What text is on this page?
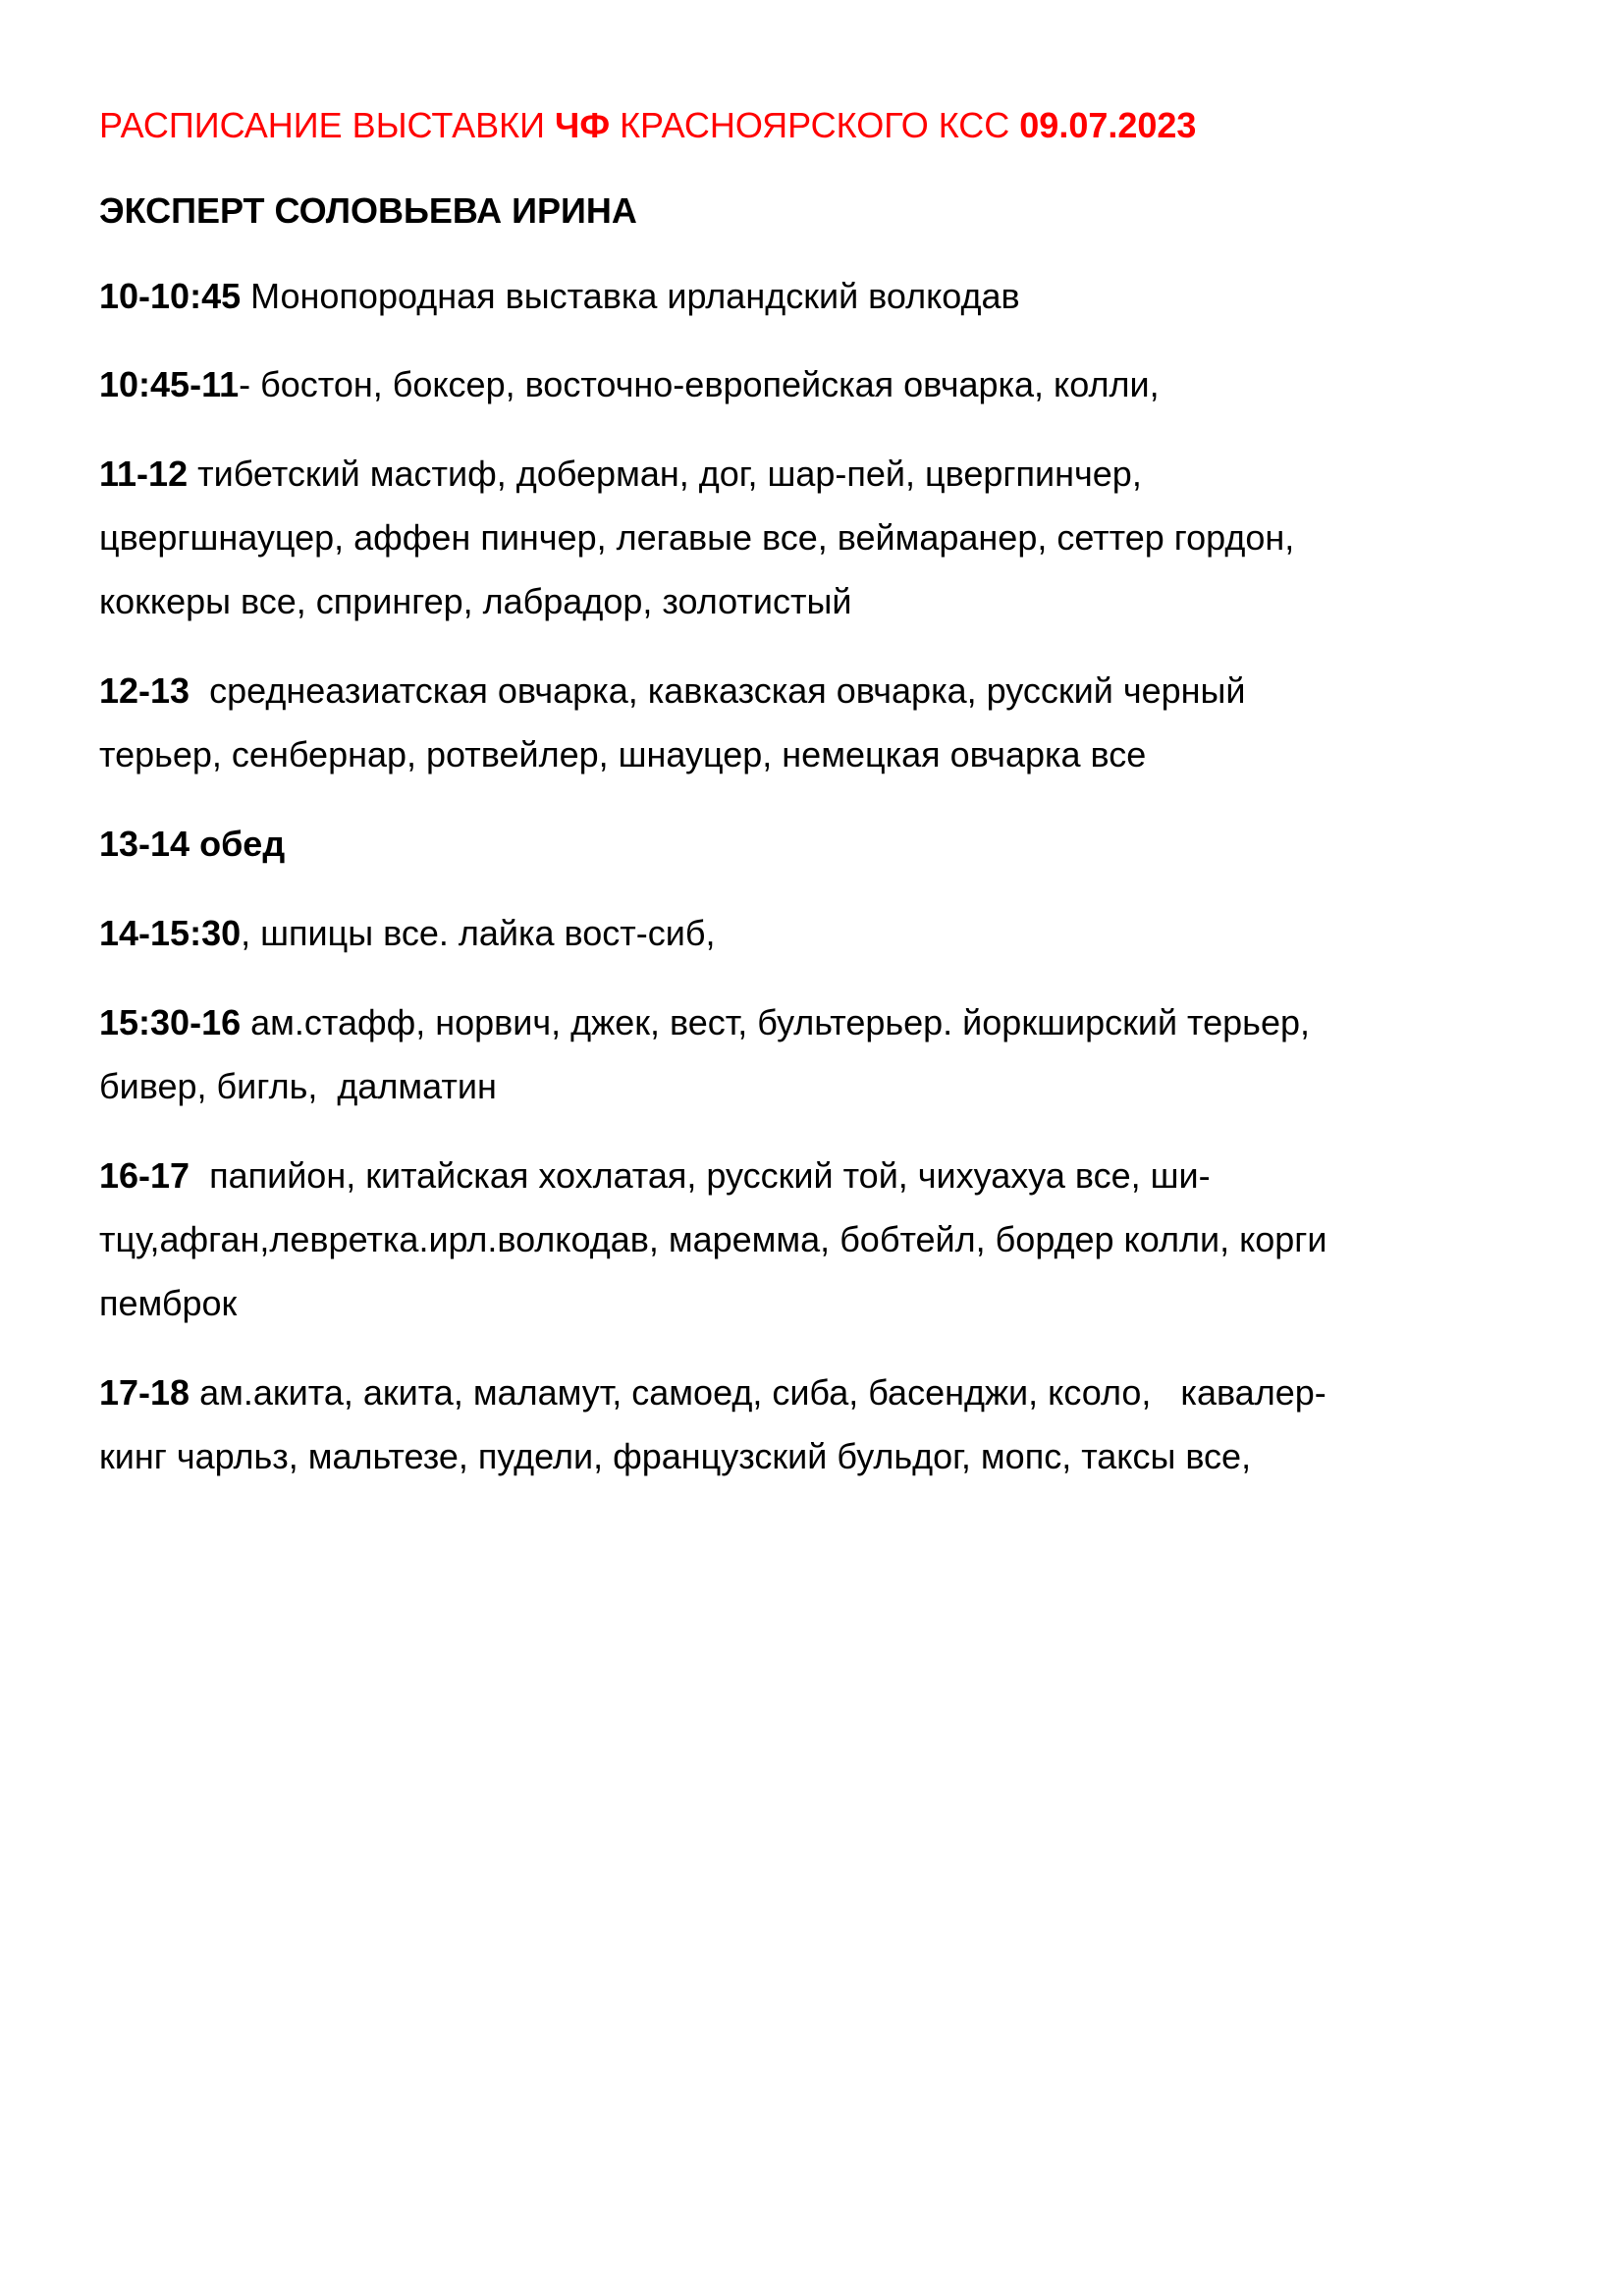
РАСПИСАНИЕ ВЫСТАВКИ ЧФ КРАСНОЯРСКОГО КСС 09.07.2023
ЭКСПЕРТ СОЛОВЬЕВА ИРИНА

10-10:45 Монопородная выставка ирландский волкодав

10:45-11- бостон, боксер, восточно-европейская овчарка, колли,

11-12 тибетский мастиф, доберман, дог, шар-пей, цвергпинчер,
цвергшнауцер, аффен пинчер, легавые все, веймаранер, сеттер гордон,
коккеры все, спрингер, лабрадор, золотистый

12-13  среднеазиатская овчарка, кавказская овчарка, русский черный
терьер, сенбернар, ротвейлер, шнауцер, немецкая овчарка все

13-14 обед

14-15:30, шпицы все. лайка вост-сиб,

15:30-16 ам.стафф, норвич, джек, вест, бультерьер. йоркширский терьер,
бивер, бигль,  далматин

16-17  папийон, китайская хохлатая, русский той, чихуахуа все, ши-
тцу,афган,левретка.ирл.волкодав, маремма, бобтейл, бордер колли, корги
пемброк

17-18 ам.акита, акита, маламут, самоед, сиба, басенджи, ксоло,   кавалер-
кинг чарльз, мальтезе, пудели, французский бульдог, мопс, таксы все,
